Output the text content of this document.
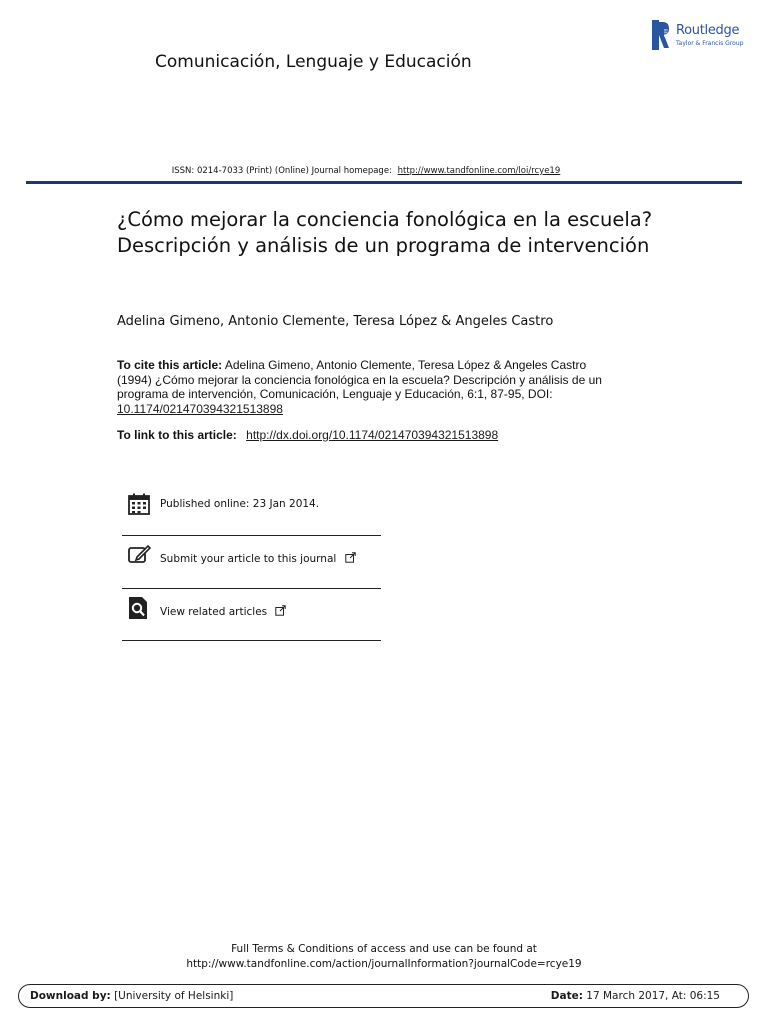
PUB Routledge
Taylor & Francis Group
Comunicación, Lenguaje y Educación
ISSN: 0214-7033 (Print) (Online) Journal homepage: http://www.tandfonline.com/loi/rcye19
¿Cómo mejorar la conciencia fonológica en la escuela? Descripción y análisis de un programa de intervención
Adelina Gimeno, Antonio Clemente, Teresa López & Angeles Castro
To cite this article: Adelina Gimeno, Antonio Clemente, Teresa López & Angeles Castro (1994) ¿Cómo mejorar la conciencia fonológica en la escuela? Descripción y análisis de un programa de intervención, Comunicación, Lenguaje y Educación, 6:1, 87-95, DOI: 10.1174/021470394321513898
To link to this article: http://dx.doi.org/10.1174/021470394321513898
Published online: 23 Jan 2014.
Submit your article to this journal
View related articles
Full Terms & Conditions of access and use can be found at
http://www.tandfonline.com/action/journalInformation?journalCode=rcye19
Download by: [University of Helsinki]	Date: 17 March 2017, At: 06:15
